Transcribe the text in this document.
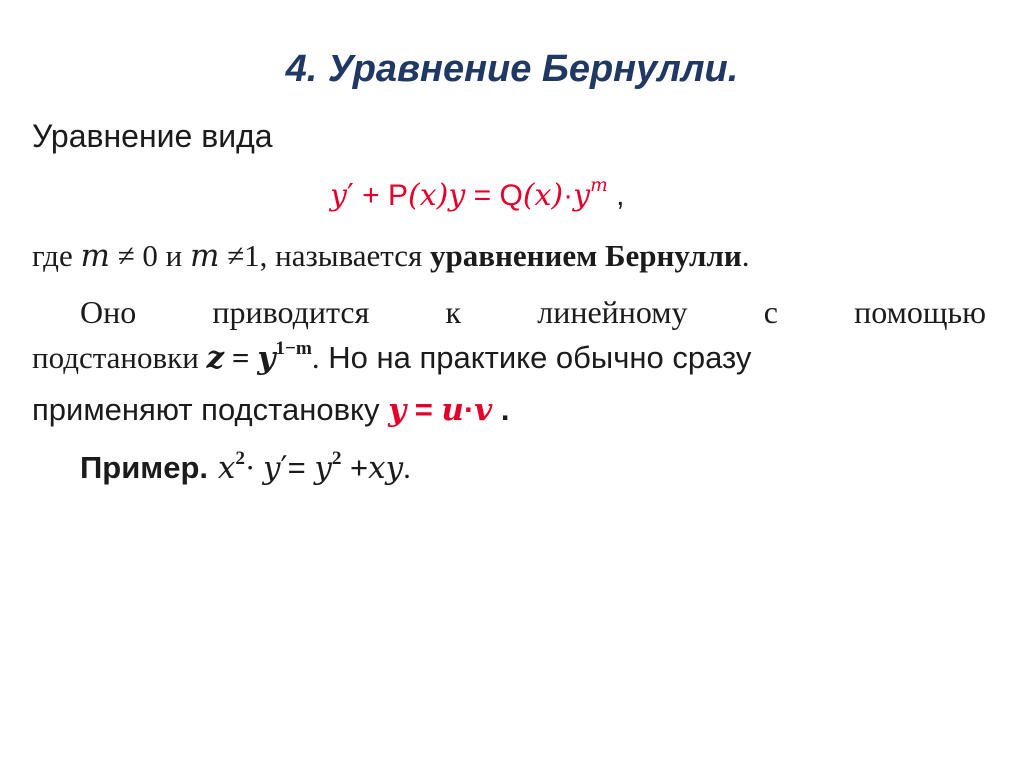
4. Уравнение Бернулли.

Уравнение вида

$y' + P(x)y = Q(x)\cdot y^m$ ,

где m ≠ 0 и m ≠1, называется уравнением Бернулли.

Оно приводится к линейному с помощью

подстановки $z = y^{1-m}$. Но на практике обычно сразу

применяют подстановку y = u·v .

Пример. $x^2\cdot y'= y^2 +xy$.
